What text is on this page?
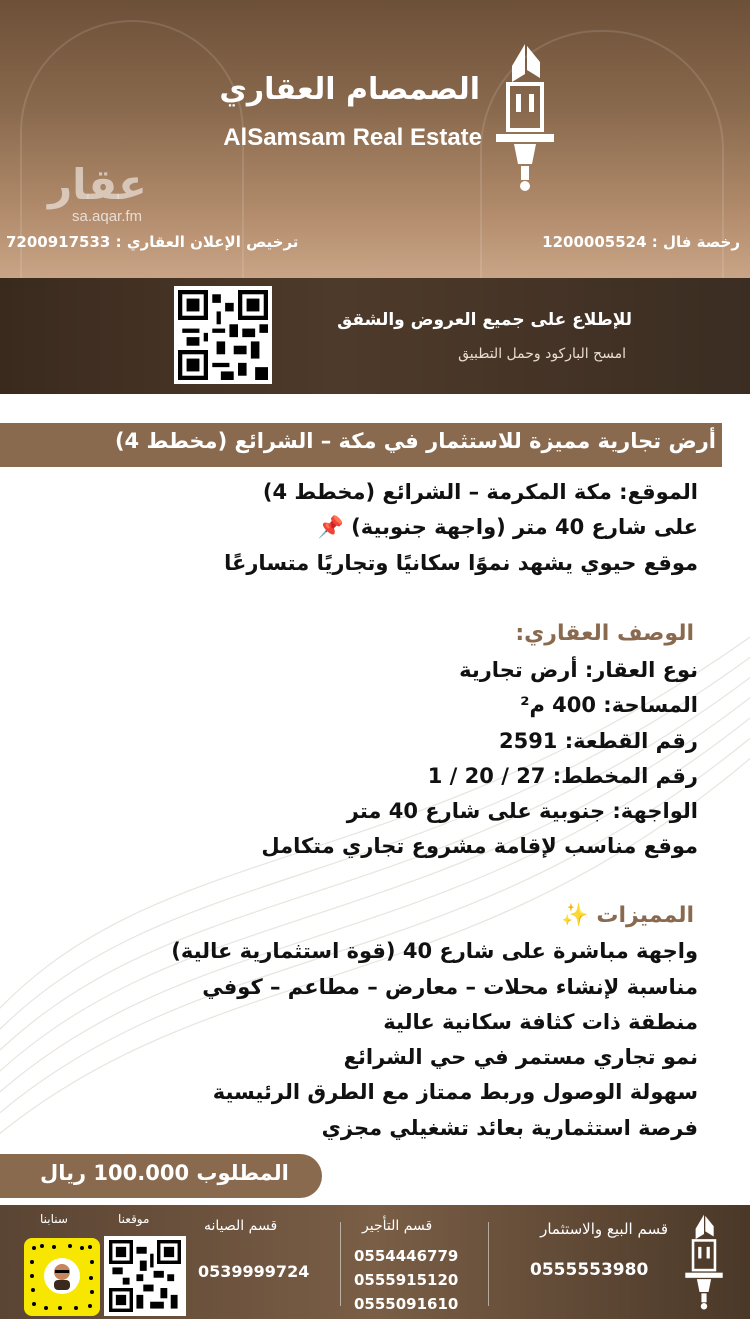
الصمصام العقاري
AlSamsam Real Estate
عقار
sa.aqar.fm
ترخيص الإعلان العقاري : 7200917533	رخصة فال : 1200005524
للإطلاع على جميع العروض والشقق
امسح الباركود وحمل التطبيق
أرض تجارية مميزة للاستثمار في مكة – الشرائع (مخطط 4)
الموقع: مكة المكرمة – الشرائع (مخطط 4)
على شارع 40 متر (واجهة جنوبية) 📌
موقع حيوي يشهد نموًا سكانيًا وتجاريًا متسارعًا
الوصف العقاري:
نوع العقار: أرض تجارية
المساحة: 400 م²
رقم القطعة: 2591
رقم المخطط: 27 / 20 / 1
الواجهة: جنوبية على شارع 40 متر
موقع مناسب لإقامة مشروع تجاري متكامل
المميزات ✨
واجهة مباشرة على شارع 40 (قوة استثمارية عالية)
مناسبة لإنشاء محلات – معارض – مطاعم – كوفي
منطقة ذات كثافة سكانية عالية
نمو تجاري مستمر في حي الشرائع
سهولة الوصول وربط ممتاز مع الطرق الرئيسية
فرصة استثمارية بعائد تشغيلي مجزي
المطلوب 100.000 ريال
قسم البيع والاستثمار
0555553980
قسم التأجير
0554446779
0555915120
0555091610
قسم الصيانه
0539999724
موقعنا
سنابنا
